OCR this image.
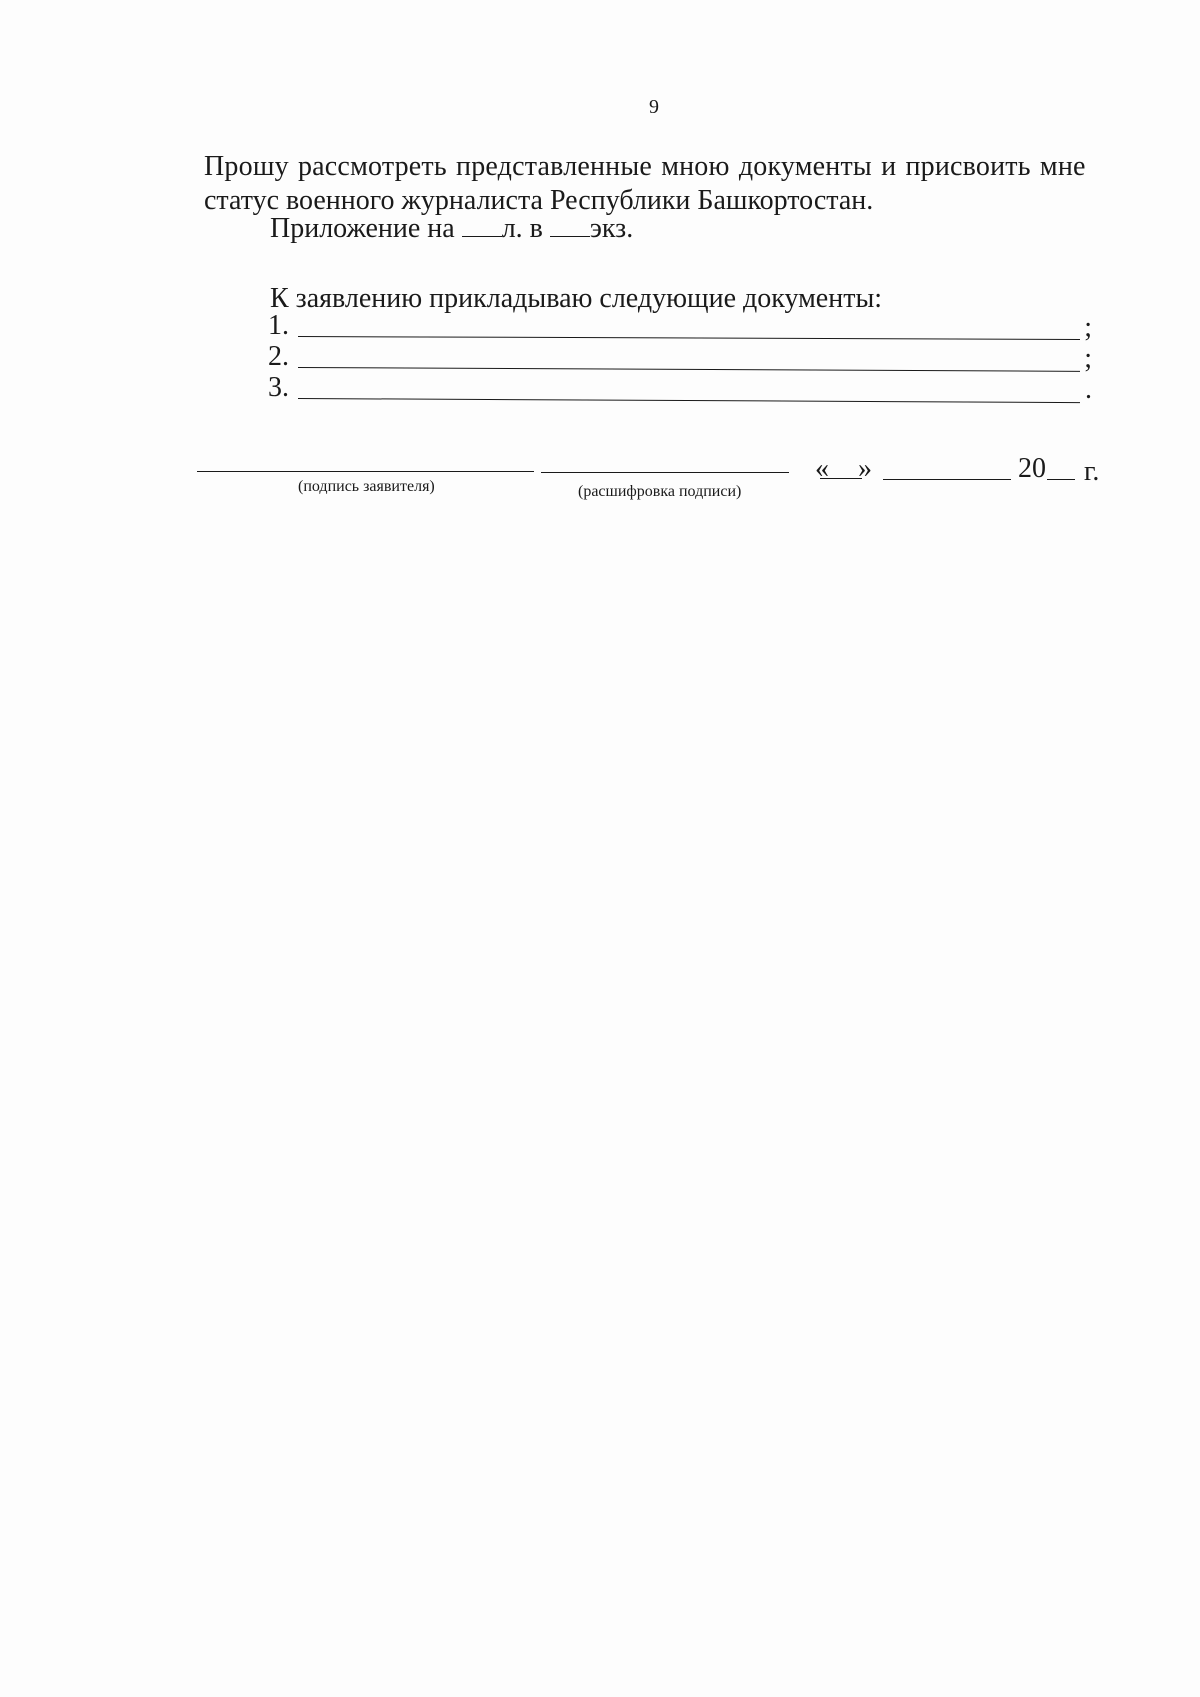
9
Прошу рассмотреть представленные мною документы и присвоить мне
статус военного журналиста Республики Башкортостан.
Приложение на л. в экз.
К заявлению прикладываю следующие документы:
1.	;
2.	;
3.	.
« »	20 г.
(подпись заявителя)	(расшифровка подписи)
